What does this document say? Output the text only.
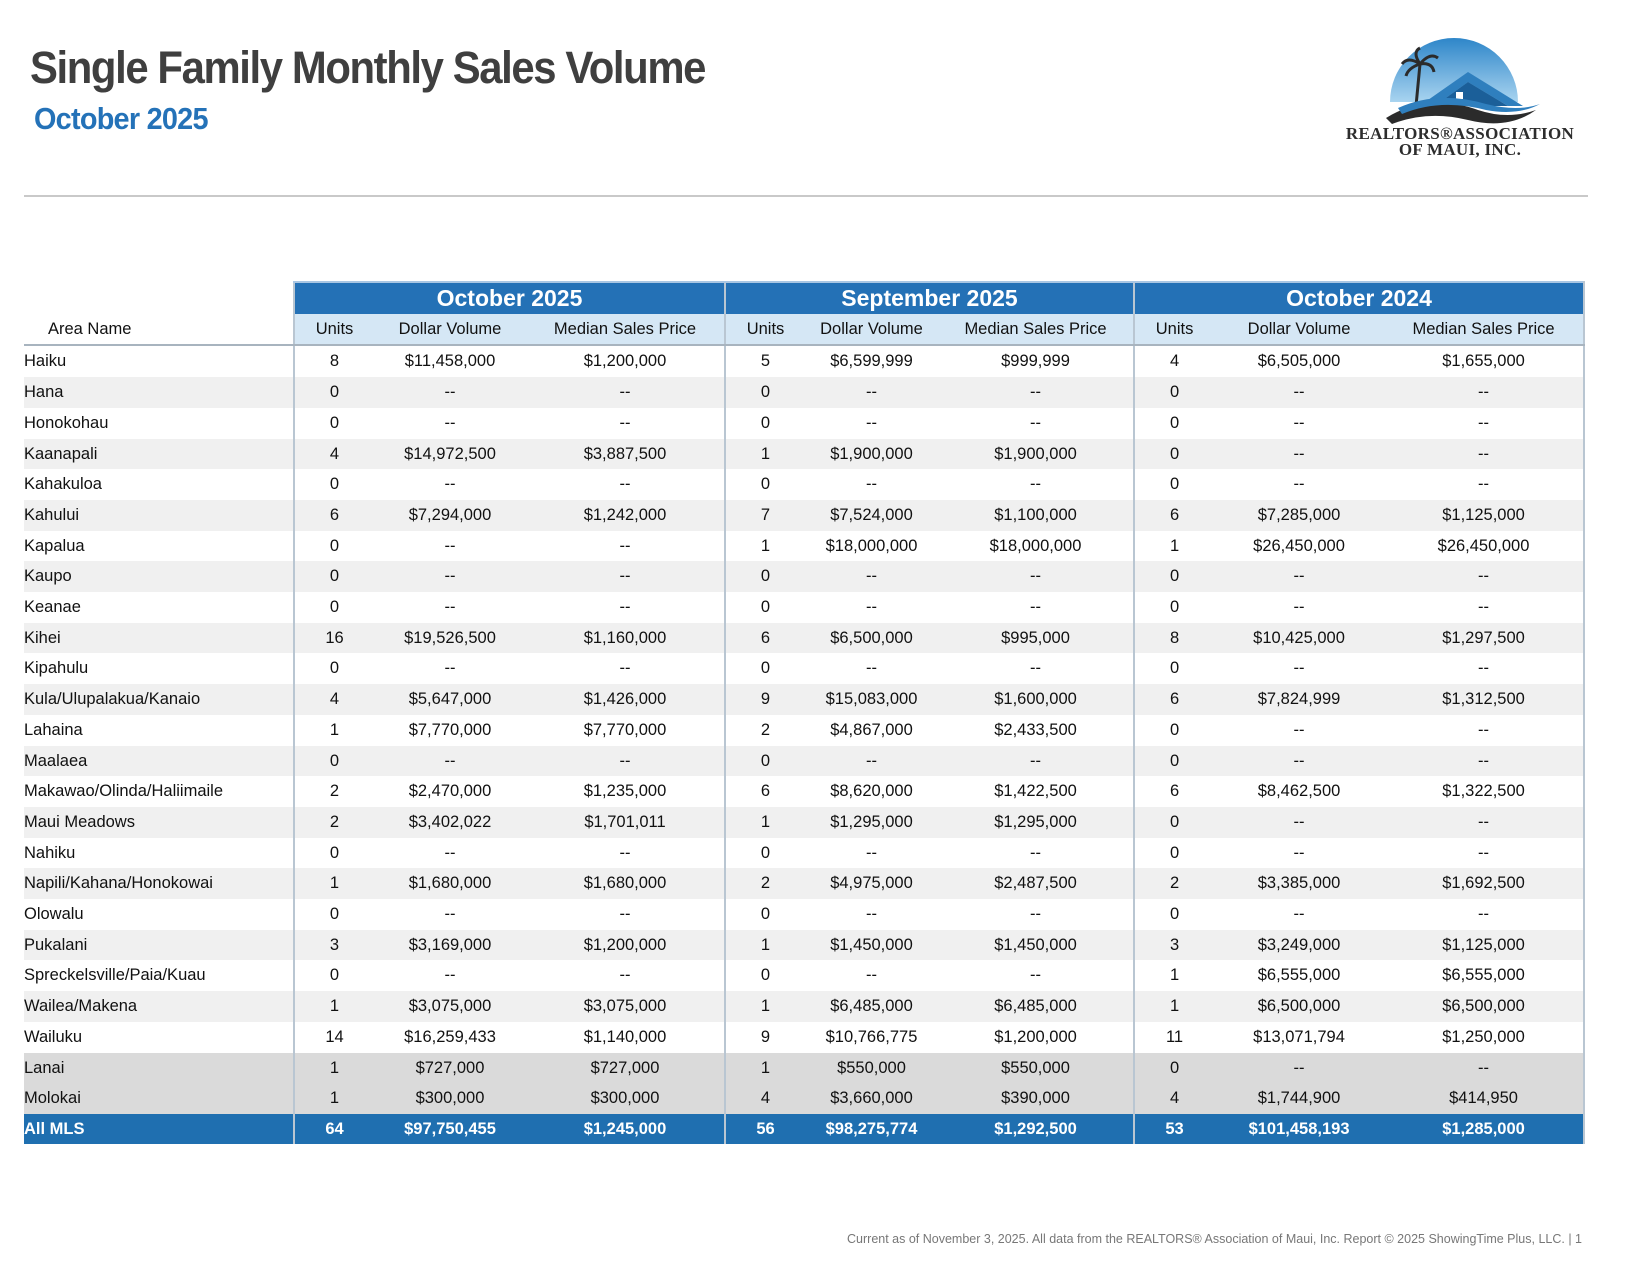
Single Family Monthly Sales Volume
October 2025	REALTORS®ASSOCIATION
OF MAUI, INC.
	October 2025			September 2025			October 2024		
Area Name	Units	Dollar Volume	Median Sales Price	Units	Dollar Volume	Median Sales Price	Units	Dollar Volume	Median Sales Price
Haiku	8	$11,458,000	$1,200,000	5	$6,599,999	$999,999	4	$6,505,000	$1,655,000
Hana	0	--	--	0	--	--	0	--	--
Honokohau	0	--	--	0	--	--	0	--	--
Kaanapali	4	$14,972,500	$3,887,500	1	$1,900,000	$1,900,000	0	--	--
Kahakuloa	0	--	--	0	--	--	0	--	--
Kahului	6	$7,294,000	$1,242,000	7	$7,524,000	$1,100,000	6	$7,285,000	$1,125,000
Kapalua	0	--	--	1	$18,000,000	$18,000,000	1	$26,450,000	$26,450,000
Kaupo	0	--	--	0	--	--	0	--	--
Keanae	0	--	--	0	--	--	0	--	--
Kihei	16	$19,526,500	$1,160,000	6	$6,500,000	$995,000	8	$10,425,000	$1,297,500
Kipahulu	0	--	--	0	--	--	0	--	--
Kula/Ulupalakua/Kanaio	4	$5,647,000	$1,426,000	9	$15,083,000	$1,600,000	6	$7,824,999	$1,312,500
Lahaina	1	$7,770,000	$7,770,000	2	$4,867,000	$2,433,500	0	--	--
Maalaea	0	--	--	0	--	--	0	--	--
Makawao/Olinda/Haliimaile	2	$2,470,000	$1,235,000	6	$8,620,000	$1,422,500	6	$8,462,500	$1,322,500
Maui Meadows	2	$3,402,022	$1,701,011	1	$1,295,000	$1,295,000	0	--	--
Nahiku	0	--	--	0	--	--	0	--	--
Napili/Kahana/Honokowai	1	$1,680,000	$1,680,000	2	$4,975,000	$2,487,500	2	$3,385,000	$1,692,500
Olowalu	0	--	--	0	--	--	0	--	--
Pukalani	3	$3,169,000	$1,200,000	1	$1,450,000	$1,450,000	3	$3,249,000	$1,125,000
Spreckelsville/Paia/Kuau	0	--	--	0	--	--	1	$6,555,000	$6,555,000
Wailea/Makena	1	$3,075,000	$3,075,000	1	$6,485,000	$6,485,000	1	$6,500,000	$6,500,000
Wailuku	14	$16,259,433	$1,140,000	9	$10,766,775	$1,200,000	11	$13,071,794	$1,250,000
Lanai	1	$727,000	$727,000	1	$550,000	$550,000	0	--	--
Molokai	1	$300,000	$300,000	4	$3,660,000	$390,000	4	$1,744,900	$414,950
All MLS	64	$97,750,455	$1,245,000	56	$98,275,774	$1,292,500	53	$101,458,193	$1,285,000
Current as of November 3, 2025. All data from the REALTORS® Association of Maui, Inc. Report © 2025 ShowingTime Plus, LLC. | 1
